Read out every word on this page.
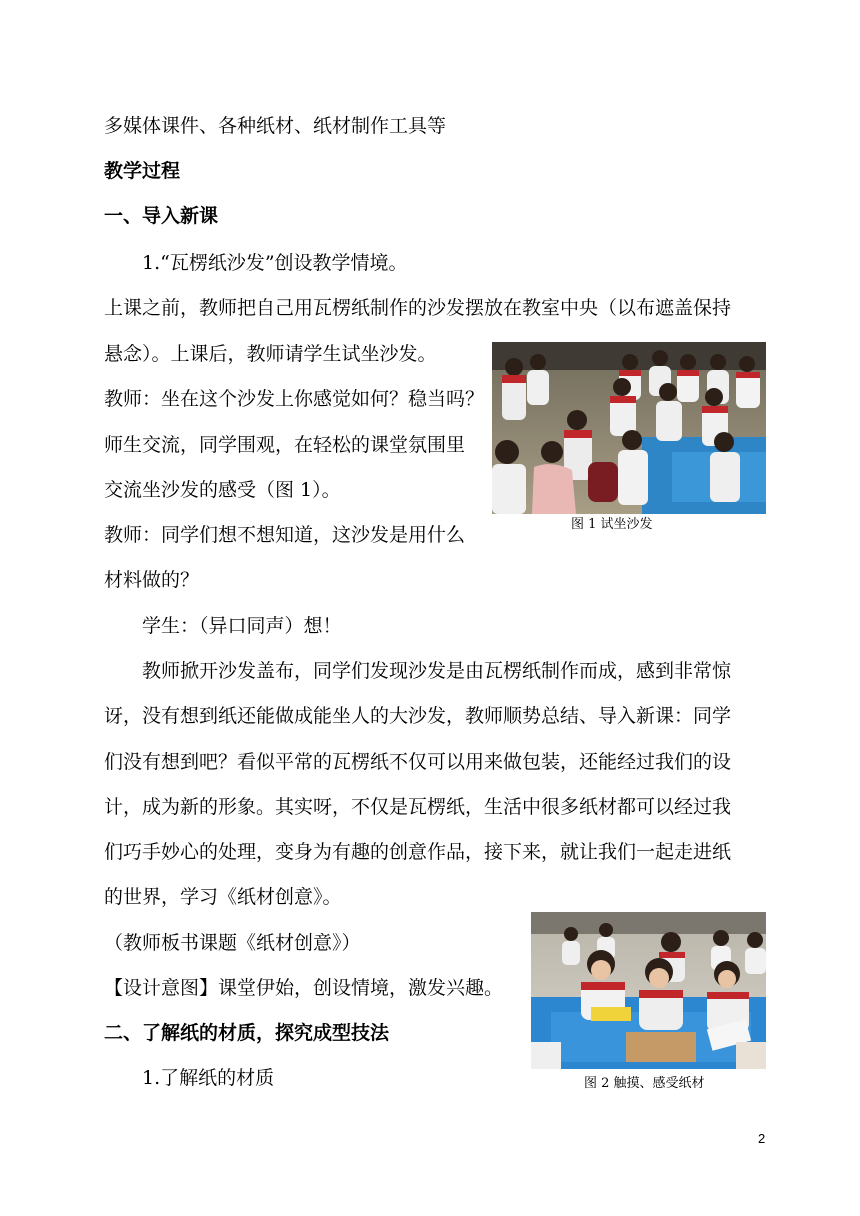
多媒体课件、各种纸材、纸材制作工具等
教学过程
一、导入新课
1.“瓦楞纸沙发”创设教学情境。
上课之前，教师把自己用瓦楞纸制作的沙发摆放在教室中央（以布遮盖保持
悬念）。上课后，教师请学生试坐沙发。
教师：坐在这个沙发上你感觉如何？稳当吗？
师生交流，同学围观，在轻松的课堂氛围里
交流坐沙发的感受（图 1）。
教师：同学们想不想知道，这沙发是用什么
材料做的？
学生：（异口同声）想！
教师掀开沙发盖布，同学们发现沙发是由瓦楞纸制作而成，感到非常惊
讶，没有想到纸还能做成能坐人的大沙发，教师顺势总结、导入新课：同学
们没有想到吧？看似平常的瓦楞纸不仅可以用来做包装，还能经过我们的设
计，成为新的形象。其实呀，不仅是瓦楞纸，生活中很多纸材都可以经过我
们巧手妙心的处理，变身为有趣的创意作品，接下来，就让我们一起走进纸
的世界，学习《纸材创意》。
（教师板书课题《纸材创意》）
【设计意图】课堂伊始，创设情境，激发兴趣。
二、了解纸的材质，探究成型技法
1.了解纸的材质
图 1 试坐沙发
图 2 触摸、感受纸材
2
